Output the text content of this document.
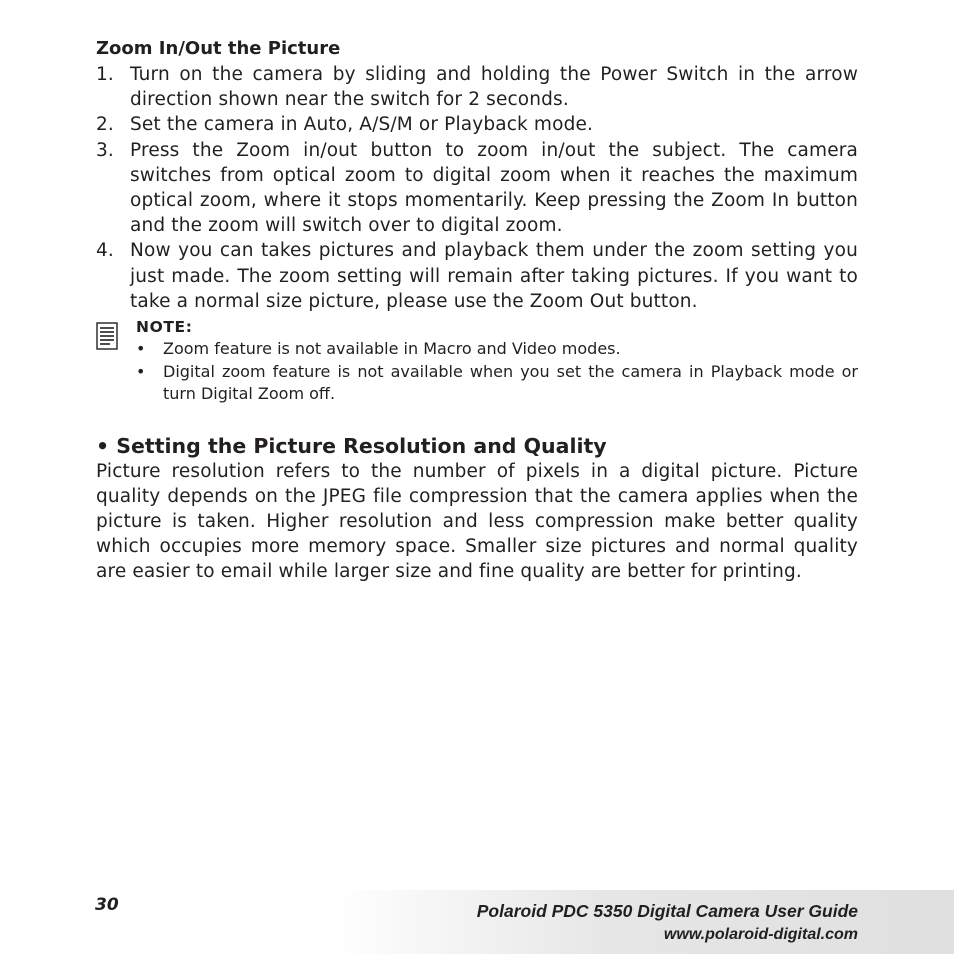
Zoom In/Out the Picture
1. Turn on the camera by sliding and holding the Power Switch in the arrow direction shown near the switch for 2 seconds.
2. Set the camera in Auto, A/S/M or Playback mode.
3. Press the Zoom in/out button to zoom in/out the subject. The camera switches from optical zoom to digital zoom when it reaches the maximum optical zoom, where it stops momentarily. Keep pressing the Zoom In button and the zoom will switch over to digital zoom.
4. Now you can takes pictures and playback them under the zoom setting you just made. The zoom setting will remain after taking pictures. If you want to take a normal size picture, please use the Zoom Out button.
NOTE:
• Zoom feature is not available in Macro and Video modes.
• Digital zoom feature is not available when you set the camera in Playback mode or turn Digital Zoom off.
• Setting the Picture Resolution and Quality

Picture resolution refers to the number of pixels in a digital picture. Picture quality depends on the JPEG file compression that the camera applies when the picture is taken. Higher resolution and less compression make better quality which occupies more memory space. Smaller size pictures and normal quality are easier to email while larger size and fine quality are better for printing.

30	Polaroid PDC 5350 Digital Camera User Guide
www.polaroid-digital.com
